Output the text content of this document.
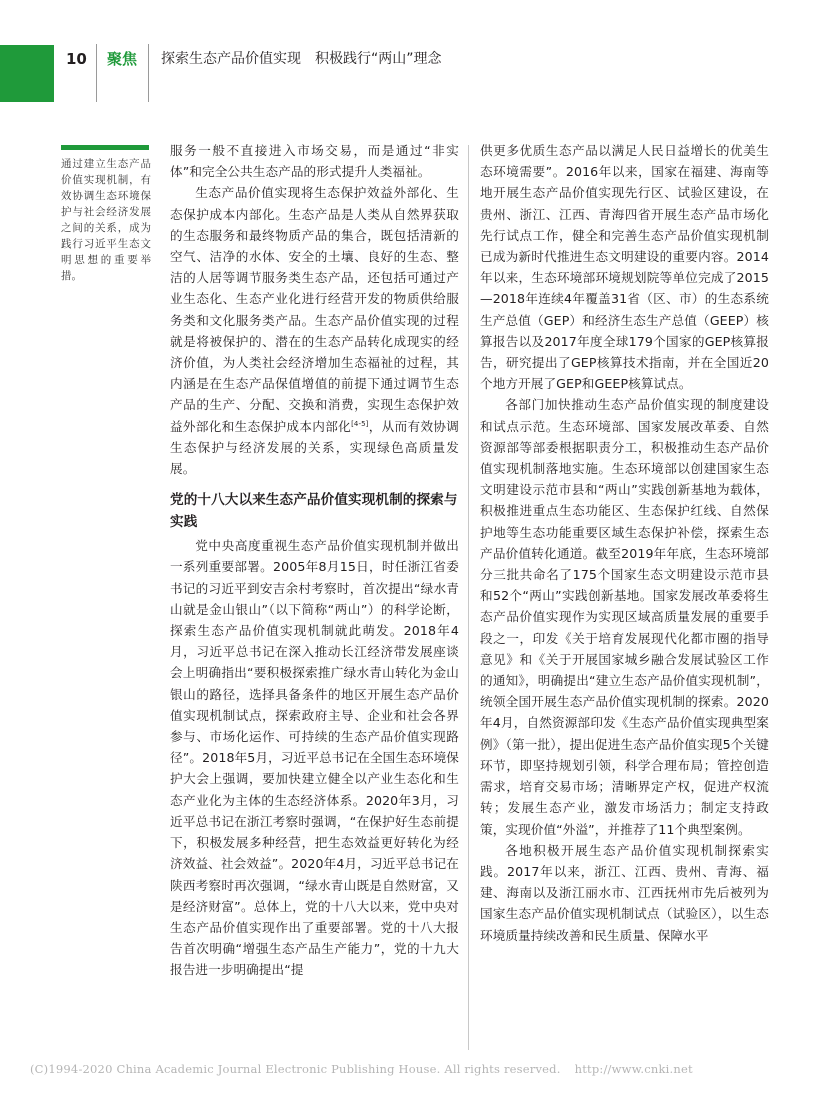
10 聚焦 探索生态产品价值实现　积极践行“两山”理念
通过建立生态产品价值实现机制，有效协调生态环境保护与社会经济发展之间的关系，成为践行习近平生态文明思想的重要举措。

服务一般不直接进入市场交易，而是通过“非实体”和完全公共生态产品的形式提升人类福祉。

生态产品价值实现将生态保护效益外部化、生态保护成本内部化。生态产品是人类从自然界获取的生态服务和最终物质产品的集合，既包括清新的空气、洁净的水体、安全的土壤、良好的生态、整洁的人居等调节服务类生态产品，还包括可通过产业生态化、生态产业化进行经营开发的物质供给服务类和文化服务类产品。生态产品价值实现的过程就是将被保护的、潜在的生态产品转化成现实的经济价值，为人类社会经济增加生态福祉的过程，其内涵是在生态产品保值增值的前提下通过调节生态产品的生产、分配、交换和消费，实现生态保护效益外部化和生态保护成本内部化[4-5]，从而有效协调生态保护与经济发展的关系，实现绿色高质量发展。

党的十八大以来生态产品价值实现机制的探索与实践

党中央高度重视生态产品价值实现机制并做出一系列重要部署。2005年8月15日，时任浙江省委书记的习近平到安吉余村考察时，首次提出“绿水青山就是金山银山”（以下简称“两山”）的科学论断，探索生态产品价值实现机制就此萌发。2018年4月，习近平总书记在深入推动长江经济带发展座谈会上明确指出“要积极探索推广绿水青山转化为金山银山的路径，选择具备条件的地区开展生态产品价值实现机制试点，探索政府主导、企业和社会各界参与、市场化运作、可持续的生态产品价值实现路径”。2018年5月，习近平总书记在全国生态环境保护大会上强调，要加快建立健全以产业生态化和生态产业化为主体的生态经济体系。2020年3月，习近平总书记在浙江考察时强调，“在保护好生态前提下，积极发展多种经营，把生态效益更好转化为经济效益、社会效益”。2020年4月，习近平总书记在陕西考察时再次强调，“绿水青山既是自然财富，又是经济财富”。总体上，党的十八大以来，党中央对生态产品价值实现作出了重要部署。党的十八大报告首次明确“增强生态产品生产能力”，党的十九大报告进一步明确提出“提

供更多优质生态产品以满足人民日益增长的优美生态环境需要”。2016年以来，国家在福建、海南等地开展生态产品价值实现先行区、试验区建设，在贵州、浙江、江西、青海四省开展生态产品市场化先行试点工作，健全和完善生态产品价值实现机制已成为新时代推进生态文明建设的重要内容。2014年以来，生态环境部环境规划院等单位完成了2015—2018年连续4年覆盖31省（区、市）的生态系统生产总值（GEP）和经济生态生产总值（GEEP）核算报告以及2017年度全球179个国家的GEP核算报告，研究提出了GEP核算技术指南，并在全国近20个地方开展了GEP和GEEP核算试点。

各部门加快推动生态产品价值实现的制度建设和试点示范。生态环境部、国家发展改革委、自然资源部等部委根据职责分工，积极推动生态产品价值实现机制落地实施。生态环境部以创建国家生态文明建设示范市县和“两山”实践创新基地为载体，积极推进重点生态功能区、生态保护红线、自然保护地等生态功能重要区域生态保护补偿，探索生态产品价值转化通道。截至2019年年底，生态环境部分三批共命名了175个国家生态文明建设示范市县和52个“两山”实践创新基地。国家发展改革委将生态产品价值实现作为实现区域高质量发展的重要手段之一，印发《关于培育发展现代化都市圈的指导意见》和《关于开展国家城乡融合发展试验区工作的通知》，明确提出“建立生态产品价值实现机制”，统领全国开展生态产品价值实现机制的探索。2020年4月，自然资源部印发《生态产品价值实现典型案例》（第一批），提出促进生态产品价值实现5个关键环节，即坚持规划引领，科学合理布局；管控创造需求，培育交易市场；清晰界定产权，促进产权流转；发展生态产业，激发市场活力；制定支持政策，实现价值“外溢”，并推荐了11个典型案例。

各地积极开展生态产品价值实现机制探索实践。2017年以来，浙江、江西、贵州、青海、福建、海南以及浙江丽水市、江西抚州市先后被列为国家生态产品价值实现机制试点（试验区），以生态环境质量持续改善和民生质量、保障水平

(C)1994-2020 China Academic Journal Electronic Publishing House. All rights reserved. http://www.cnki.net
